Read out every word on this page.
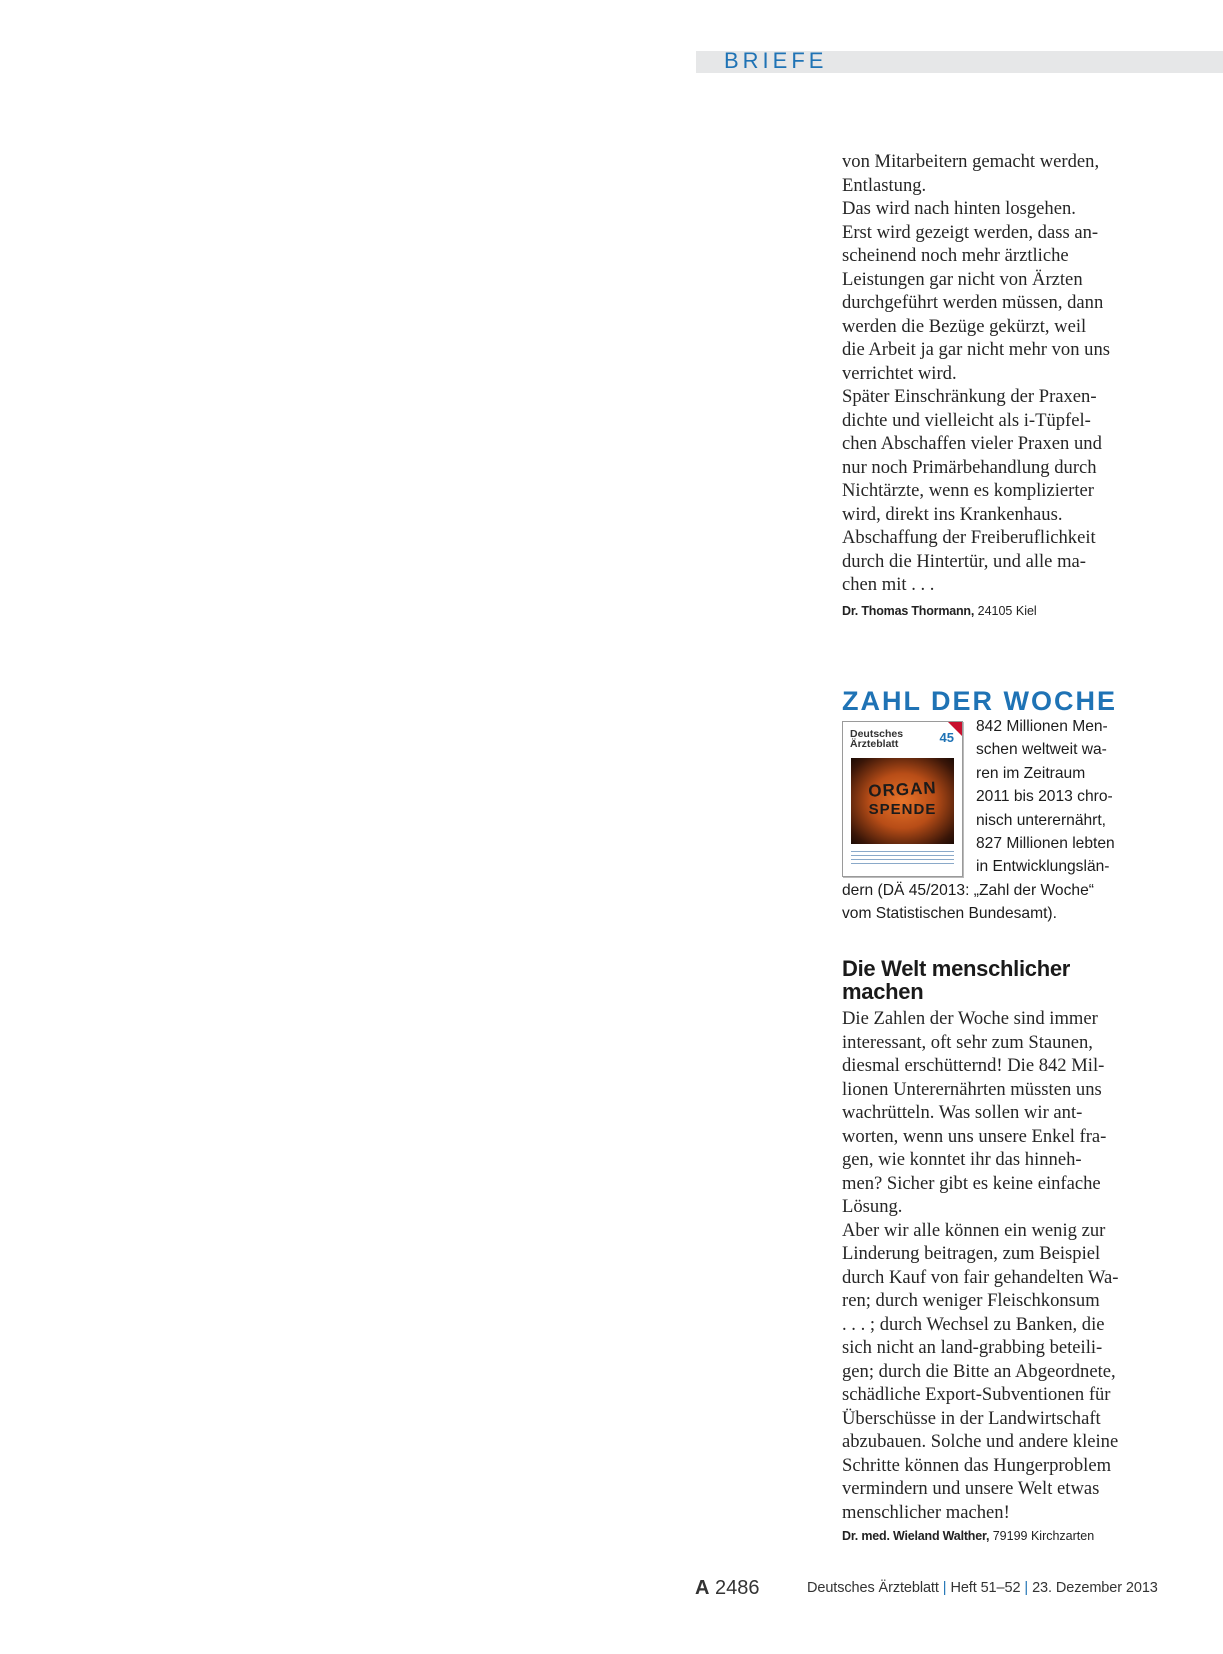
BRIEFE

von Mitarbeitern gemacht werden,
Entlastung.
Das wird nach hinten losgehen.
Erst wird gezeigt werden, dass an-
scheinend noch mehr ärztliche
Leistungen gar nicht von Ärzten
durchgeführt werden müssen, dann
werden die Bezüge gekürzt, weil
die Arbeit ja gar nicht mehr von uns
verrichtet wird.
Später Einschränkung der Praxen-
dichte und vielleicht als i-Tüpfel-
chen Abschaffen vieler Praxen und
nur noch Primärbehandlung durch
Nichtärzte, wenn es komplizierter
wird, direkt ins Krankenhaus.
Abschaffung der Freiberuflichkeit
durch die Hintertür, und alle ma-
chen mit . . .

Dr. Thomas Thormann, 24105 Kiel
ZAHL DER WOCHE
Deutsches
Ärzteblatt	45
ORGAN
SPENDE
842 Millionen Men-
schen weltweit wa-
ren im Zeitraum
2011 bis 2013 chro-
nisch unterernährt,
827 Millionen lebten
in Entwicklungslän-
dern (DÄ 45/2013: „Zahl der Woche“
vom Statistischen Bundesamt).
Die Welt menschlicher
machen

Die Zahlen der Woche sind immer
interessant, oft sehr zum Staunen,
diesmal erschütternd! Die 842 Mil-
lionen Unterernährten müssten uns
wachrütteln. Was sollen wir ant-
worten, wenn uns unsere Enkel fra-
gen, wie konntet ihr das hinneh-
men? Sicher gibt es keine einfache
Lösung.
Aber wir alle können ein wenig zur
Linderung beitragen, zum Beispiel
durch Kauf von fair gehandelten Wa-
ren; durch weniger Fleischkonsum
. . . ; durch Wechsel zu Banken, die
sich nicht an land-grabbing beteili-
gen; durch die Bitte an Abgeordnete,
schädliche Export-Subventionen für
Überschüsse in der Landwirtschaft
abzubauen. Solche und andere kleine
Schritte können das Hungerproblem
vermindern und unsere Welt etwas
menschlicher machen!

Dr. med. Wieland Walther, 79199 Kirchzarten
A 2486	Deutsches Ärzteblatt | Heft 51–52 | 23. Dezember 2013
